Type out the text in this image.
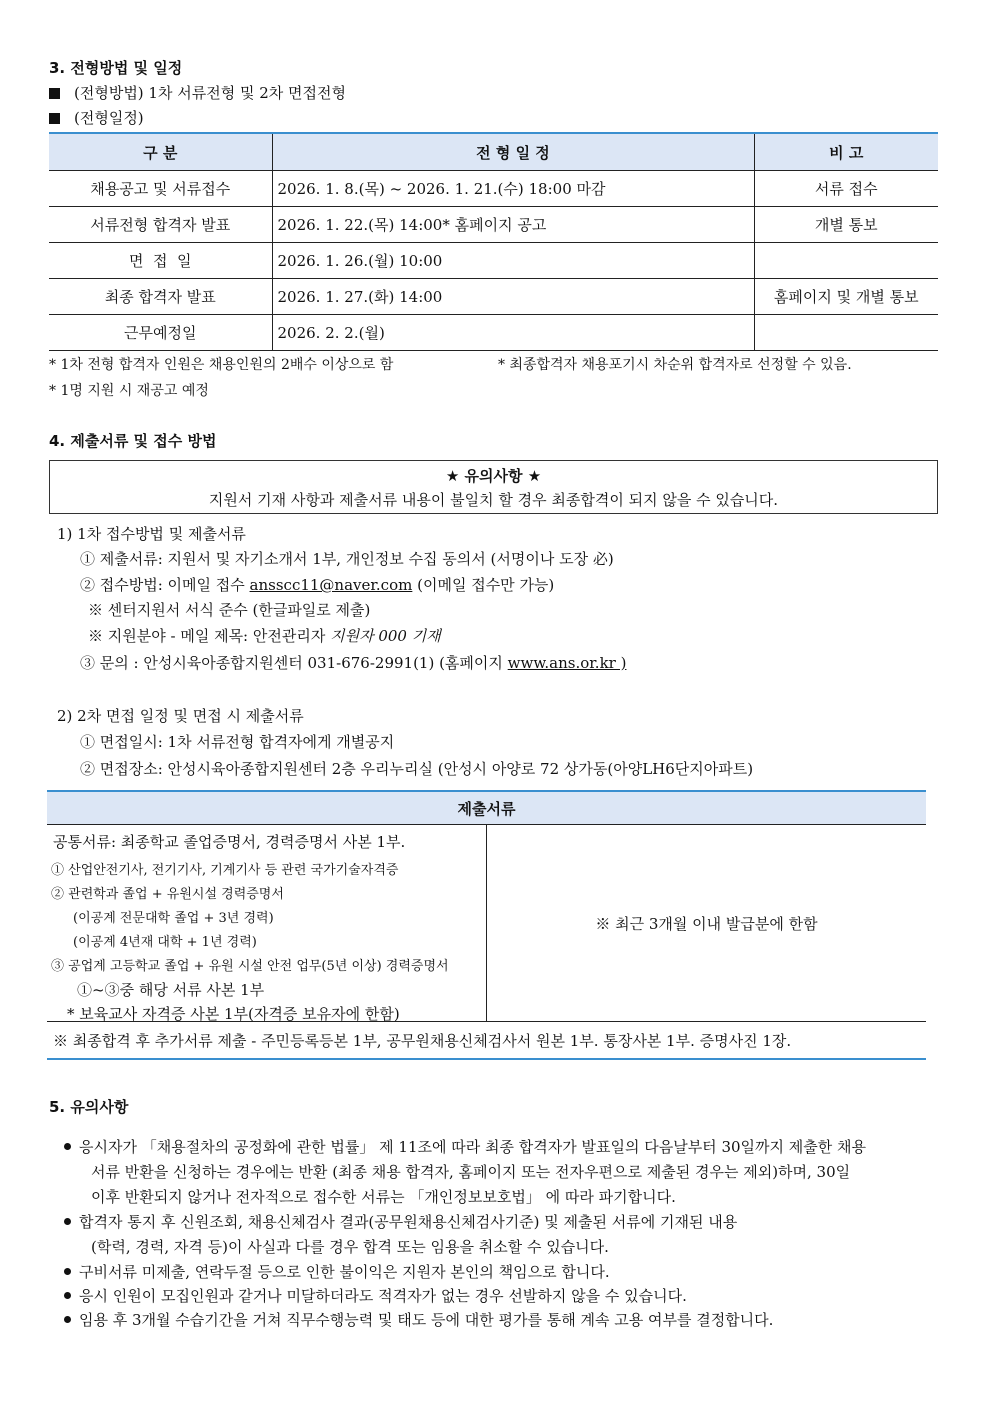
3. 전형방법 및 일정
(전형방법) 1차 서류전형 및 2차 면접전형
(전형일정)
구 분	전 형 일 정	비 고
채용공고 및 서류접수	2026. 1. 8.(목) ~ 2026. 1. 21.(수) 18:00 마감	서류 접수
서류전형 합격자 발표	2026. 1. 22.(목) 14:00* 홈페이지 공고	개별 통보
면  접  일	2026. 1. 26.(월) 10:00	
최종 합격자 발표	2026. 1. 27.(화) 14:00	홈페이지 및 개별 통보
근무예정일	2026. 2. 2.(월)	
* 1차 전형 합격자 인원은 채용인원의 2배수 이상으로 함	* 최종합격자 채용포기시 차순위 합격자로 선정할 수 있음.
* 1명 지원 시 재공고 예정
4. 제출서류 및 접수 방법
★ 유의사항 ★
지원서 기재 사항과 제출서류 내용이 불일치 할 경우 최종합격이 되지 않을 수 있습니다.
1) 1차 접수방법 및 제출서류
① 제출서류: 지원서 및 자기소개서 1부, 개인정보 수집 동의서 (서명이나 도장 必)
② 접수방법: 이메일 접수 ansscc11@naver.com (이메일 접수만 가능)
※ 센터지원서 서식 준수 (한글파일로 제출)
※ 지원분야 - 메일 제목: 안전관리자 지원자 000 기재
③ 문의 : 안성시육아종합지원센터 031-676-2991(1) (홈페이지 www.ans.or.kr )
2) 2차 면접 일정 및 면접 시 제출서류
① 면접일시: 1차 서류전형 합격자에게 개별공지
② 면접장소: 안성시육아종합지원센터 2층 우리누리실 (안성시 아양로 72 상가동(아양LH6단지아파트)
제출서류

공통서류: 최종학교 졸업증명서, 경력증명서 사본 1부.
① 산업안전기사, 전기기사, 기계기사 등 관련 국가기술자격증
② 관련학과 졸업 + 유원시설 경력증명서
(이공계 전문대학 졸업 + 3년 경력)
(이공계 4년재 대학 + 1년 경력)
③ 공업계 고등학교 졸업 + 유원 시설 안전 업무(5년 이상) 경력증명서
①~③중 해당 서류 사본 1부
* 보육교사 자격증 사본 1부(자격증 보유자에 한함)
	※ 최근 3개월 이내 발급분에 한함
※ 최종합격 후 추가서류 제출 - 주민등록등본 1부, 공무원채용신체검사서 원본 1부. 통장사본 1부. 증명사진 1장.
5. 유의사항
응시자가 「채용절차의 공정화에 관한 법률」 제 11조에 따라 최종 합격자가 발표일의 다음날부터 30일까지 제출한 채용
서류 반환을 신청하는 경우에는 반환 (최종 채용 합격자, 홈페이지 또는 전자우편으로 제출된 경우는 제외)하며, 30일
이후 반환되지 않거나 전자적으로 접수한 서류는 「개인정보보호법」 에 따라 파기합니다.
합격자 통지 후 신원조회, 채용신체검사 결과(공무원채용신체검사기준) 및 제출된 서류에 기재된 내용
(학력, 경력, 자격 등)이 사실과 다를 경우 합격 또는 임용을 취소할 수 있습니다.
구비서류 미제출, 연락두절 등으로 인한 불이익은 지원자 본인의 책임으로 합니다.
응시 인원이 모집인원과 같거나 미달하더라도 적격자가 없는 경우 선발하지 않을 수 있습니다.
임용 후 3개월 수습기간을 거쳐 직무수행능력 및 태도 등에 대한 평가를 통해 계속 고용 여부를 결정합니다.
